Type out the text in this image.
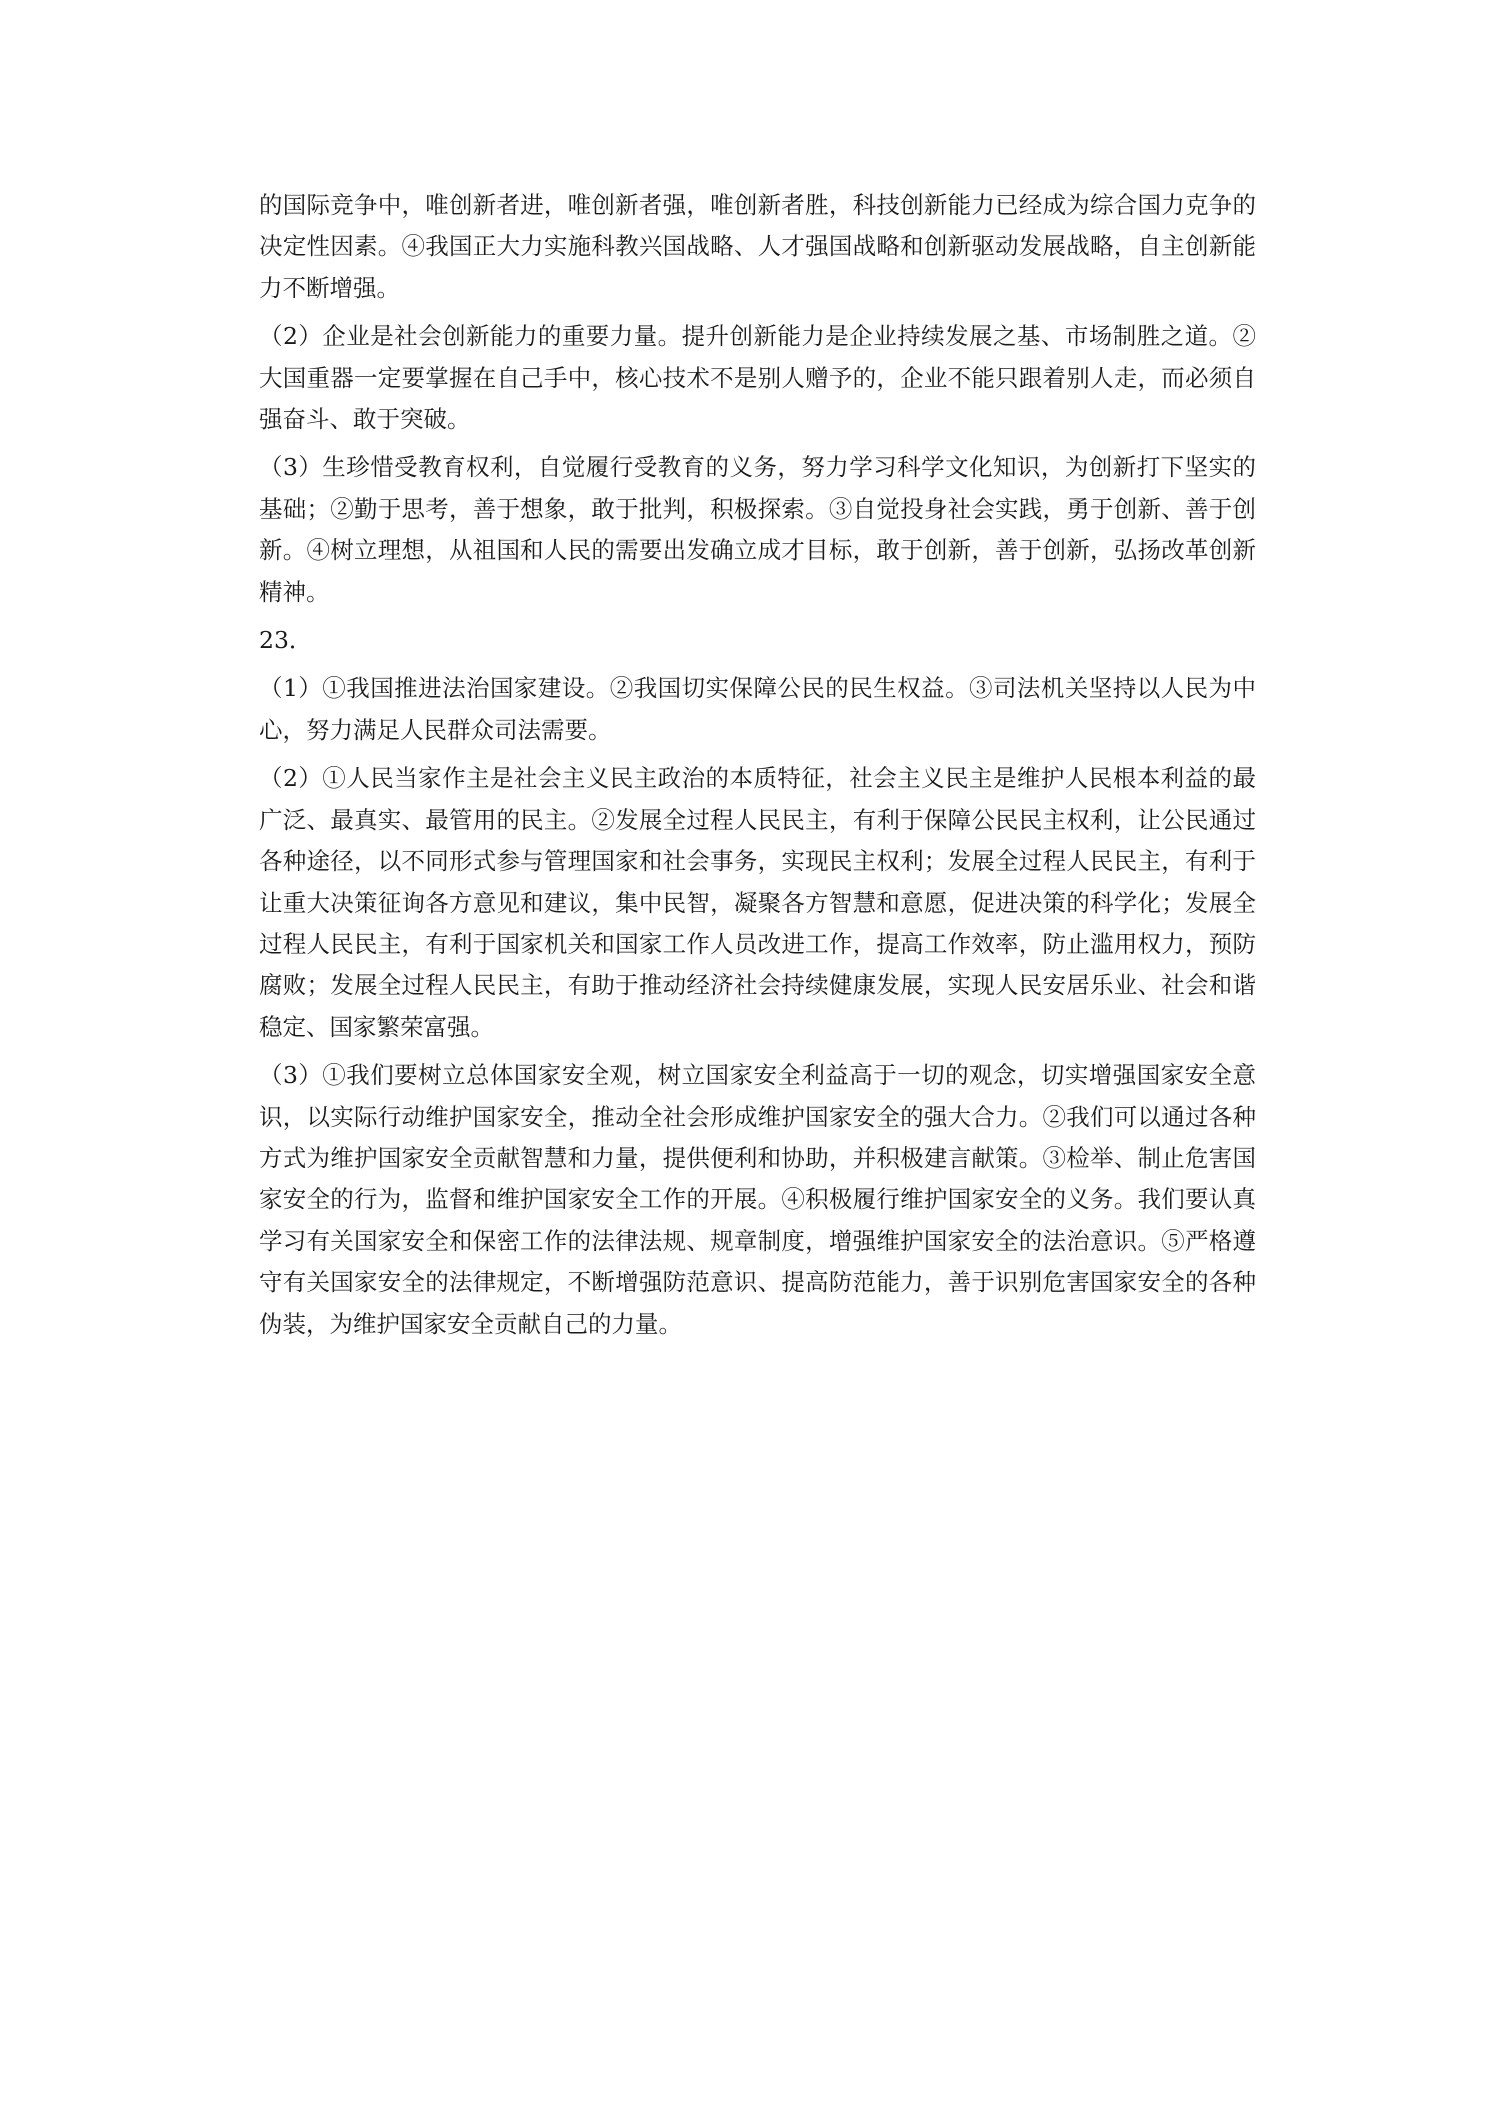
的国际竞争中，唯创新者进，唯创新者强，唯创新者胜，科技创新能力已经成为综合国力克争的决定性因素。④我国正大力实施科教兴国战略、人才强国战略和创新驱动发展战略，自主创新能力不断增强。

（2）企业是社会创新能力的重要力量。提升创新能力是企业持续发展之基、市场制胜之道。②大国重器一定要掌握在自己手中，核心技术不是别人赠予的，企业不能只跟着别人走，而必须自强奋斗、敢于突破。

（3）生珍惜受教育权利，自觉履行受教育的义务，努力学习科学文化知识，为创新打下坚实的基础；②勤于思考，善于想象，敢于批判，积极探索。③自觉投身社会实践，勇于创新、善于创新。④树立理想，从祖国和人民的需要出发确立成才目标，敢于创新，善于创新，弘扬改革创新精神。

23．

（1）①我国推进法治国家建设。②我国切实保障公民的民生权益。③司法机关坚持以人民为中心，努力满足人民群众司法需要。

（2）①人民当家作主是社会主义民主政治的本质特征，社会主义民主是维护人民根本利益的最广泛、最真实、最管用的民主。②发展全过程人民民主，有利于保障公民民主权利，让公民通过各种途径，以不同形式参与管理国家和社会事务，实现民主权利；发展全过程人民民主，有利于让重大决策征询各方意见和建议，集中民智，凝聚各方智慧和意愿，促进决策的科学化；发展全过程人民民主，有利于国家机关和国家工作人员改进工作，提高工作效率，防止滥用权力，预防腐败；发展全过程人民民主，有助于推动经济社会持续健康发展，实现人民安居乐业、社会和谐稳定、国家繁荣富强。

（3）①我们要树立总体国家安全观，树立国家安全利益高于一切的观念，切实增强国家安全意识，以实际行动维护国家安全，推动全社会形成维护国家安全的强大合力。②我们可以通过各种方式为维护国家安全贡献智慧和力量，提供便利和协助，并积极建言献策。③检举、制止危害国家安全的行为，监督和维护国家安全工作的开展。④积极履行维护国家安全的义务。我们要认真学习有关国家安全和保密工作的法律法规、规章制度，增强维护国家安全的法治意识。⑤严格遵守有关国家安全的法律规定，不断增强防范意识、提高防范能力，善于识别危害国家安全的各种伪装，为维护国家安全贡献自己的力量。
